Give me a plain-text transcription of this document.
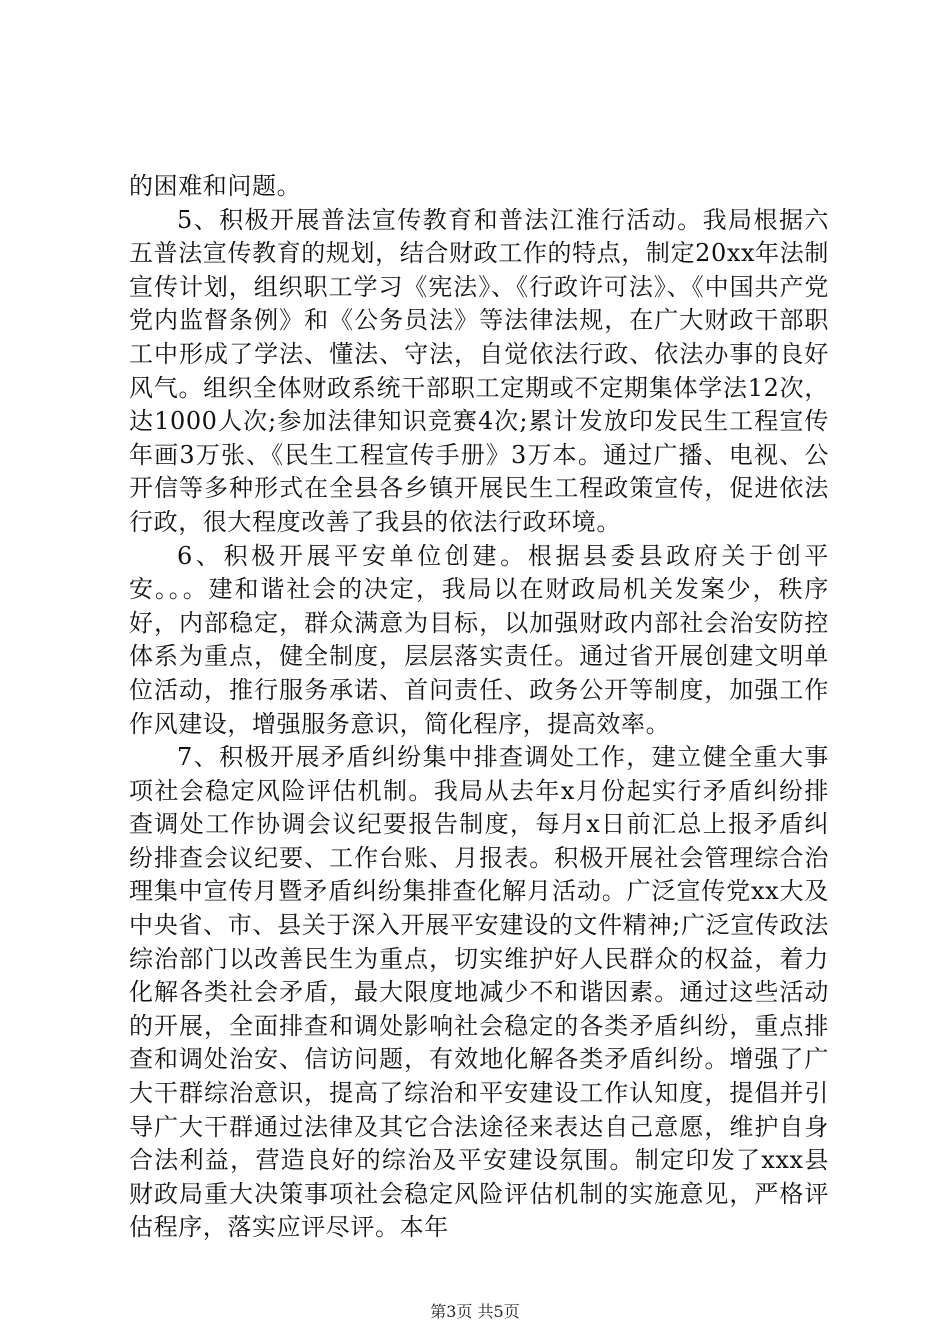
的困难和问题。

5、积极开展普法宣传教育和普法江淮行活动。我局根据六五普法宣传教育的规划，结合财政工作的特点，制定20xx年法制宣传计划，组织职工学习《宪法》、《行政许可法》、《中国共产党党内监督条例》和《公务员法》等法律法规，在广大财政干部职工中形成了学法、懂法、守法，自觉依法行政、依法办事的良好风气。组织全体财政系统干部职工定期或不定期集体学法12次，达1000人次;参加法律知识竞赛4次;累计发放印发民生工程宣传年画3万张、《民生工程宣传手册》3万本。通过广播、电视、公开信等多种形式在全县各乡镇开展民生工程政策宣传，促进依法行政，很大程度改善了我县的依法行政环境。

6、积极开展平安单位创建。根据县委县政府关于创平安。。。建和谐社会的决定，我局以在财政局机关发案少，秩序好，内部稳定，群众满意为目标，以加强财政内部社会治安防控体系为重点，健全制度，层层落实责任。通过省开展创建文明单位活动，推行服务承诺、首问责任、政务公开等制度，加强工作作风建设，增强服务意识，简化程序，提高效率。

7、积极开展矛盾纠纷集中排查调处工作，建立健全重大事项社会稳定风险评估机制。我局从去年x月份起实行矛盾纠纷排查调处工作协调会议纪要报告制度，每月x日前汇总上报矛盾纠纷排查会议纪要、工作台账、月报表。积极开展社会管理综合治理集中宣传月暨矛盾纠纷集排查化解月活动。广泛宣传党xx大及中央省、市、县关于深入开展平安建设的文件精神;广泛宣传政法综治部门以改善民生为重点，切实维护好人民群众的权益，着力化解各类社会矛盾，最大限度地减少不和谐因素。通过这些活动的开展，全面排查和调处影响社会稳定的各类矛盾纠纷，重点排查和调处治安、信访问题，有效地化解各类矛盾纠纷。增强了广大干群综治意识，提高了综治和平安建设工作认知度，提倡并引导广大干群通过法律及其它合法途径来表达自己意愿，维护自身合法利益，营造良好的综治及平安建设氛围。制定印发了xxx县财政局重大决策事项社会稳定风险评估机制的实施意见，严格评估程序，落实应评尽评。本年

第3页 共5页
